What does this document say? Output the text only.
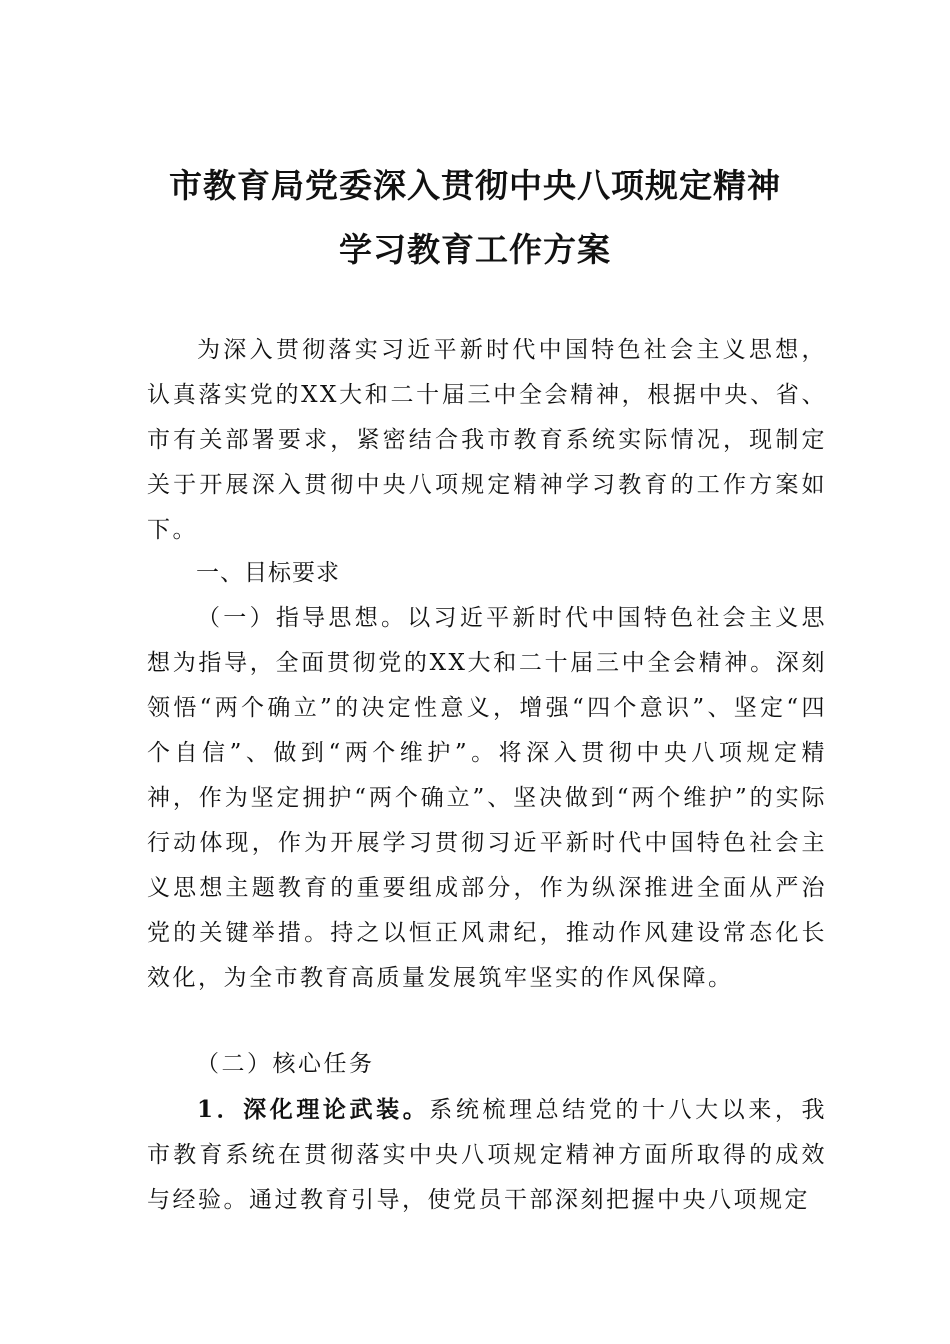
市教育局党委深入贯彻中央八项规定精神
学习教育工作方案

为深入贯彻落实习近平新时代中国特色社会主义思想，认真落实党的XX大和二十届三中全会精神，根据中央、省、市有关部署要求，紧密结合我市教育系统实际情况，现制定关于开展深入贯彻中央八项规定精神学习教育的工作方案如下。

一、目标要求

（一）指导思想。以习近平新时代中国特色社会主义思想为指导，全面贯彻党的XX大和二十届三中全会精神。深刻领悟“两个确立”的决定性意义，增强“四个意识”、坚定“四个自信”、做到“两个维护”。将深入贯彻中央八项规定精神，作为坚定拥护“两个确立”、坚决做到“两个维护”的实际行动体现，作为开展学习贯彻习近平新时代中国特色社会主义思想主题教育的重要组成部分，作为纵深推进全面从严治党的关键举措。持之以恒正风肃纪，推动作风建设常态化长效化，为全市教育高质量发展筑牢坚实的作风保障。

（二）核心任务

1．深化理论武装。系统梳理总结党的十八大以来，我市教育系统在贯彻落实中央八项规定精神方面所取得的成效与经验。通过教育引导，使党员干部深刻把握中央八项规定
